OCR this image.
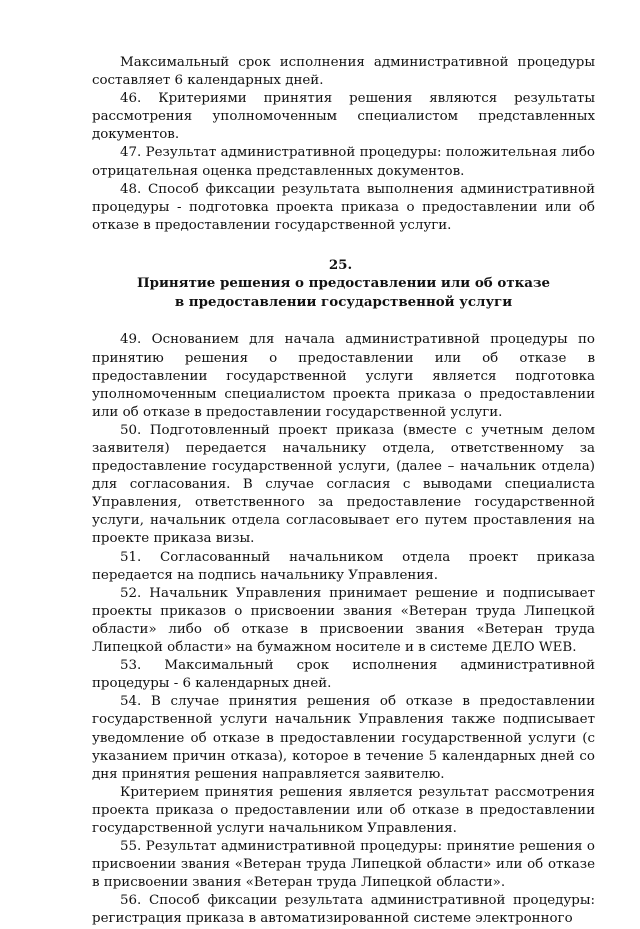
Максимальный срок исполнения административной процедуры составляет 6 календарных дней.

46. Критериями принятия решения являются результаты рассмотрения уполномоченным специалистом представленных документов.

47. Результат административной процедуры: положительная либо отрицательная оценка представленных документов.

48. Способ фиксации результата выполнения административной процедуры - подготовка проекта приказа о предоставлении или об отказе в предоставлении государственной услуги.

25.
Принятие решения о предоставлении или об отказе
в предоставлении государственной услуги

49. Основанием для начала административной процедуры по принятию решения о предоставлении или об отказе в предоставлении государственной услуги является подготовка уполномоченным специалистом проекта приказа о предоставлении или об отказе в предоставлении государственной услуги.

50. Подготовленный проект приказа (вместе с учетным делом заявителя) передается начальнику отдела, ответственному за предоставление государственной услуги, (далее – начальник отдела) для согласования. В случае согласия с выводами специалиста Управления, ответственного за предоставление государственной услуги, начальник отдела согласовывает его путем проставления на проекте приказа визы.

51. Согласованный начальником отдела проект приказа передается на подпись начальнику Управления.

52. Начальник Управления принимает решение и подписывает проекты приказов о присвоении звания «Ветеран труда Липецкой области» либо об отказе в присвоении звания «Ветеран труда Липецкой области» на бумажном носителе и в системе ДЕЛО WEB.

53. Максимальный срок исполнения административной процедуры - 6 календарных дней.

54. В случае принятия решения об отказе в предоставлении государственной услуги начальник Управления также подписывает уведомление об отказе в предоставлении государственной услуги (с указанием причин отказа), которое в течение 5 календарных дней со дня принятия решения направляется заявителю.

Критерием принятия решения является результат рассмотрения проекта приказа о предоставлении или об отказе в предоставлении государственной услуги начальником Управления.

55. Результат административной процедуры: принятие решения о присвоении звания «Ветеран труда Липецкой области» или об отказе в присвоении звания «Ветеран труда Липецкой области».

56. Способ фиксации результата административной процедуры: регистрация приказа в автоматизированной системе электронного
